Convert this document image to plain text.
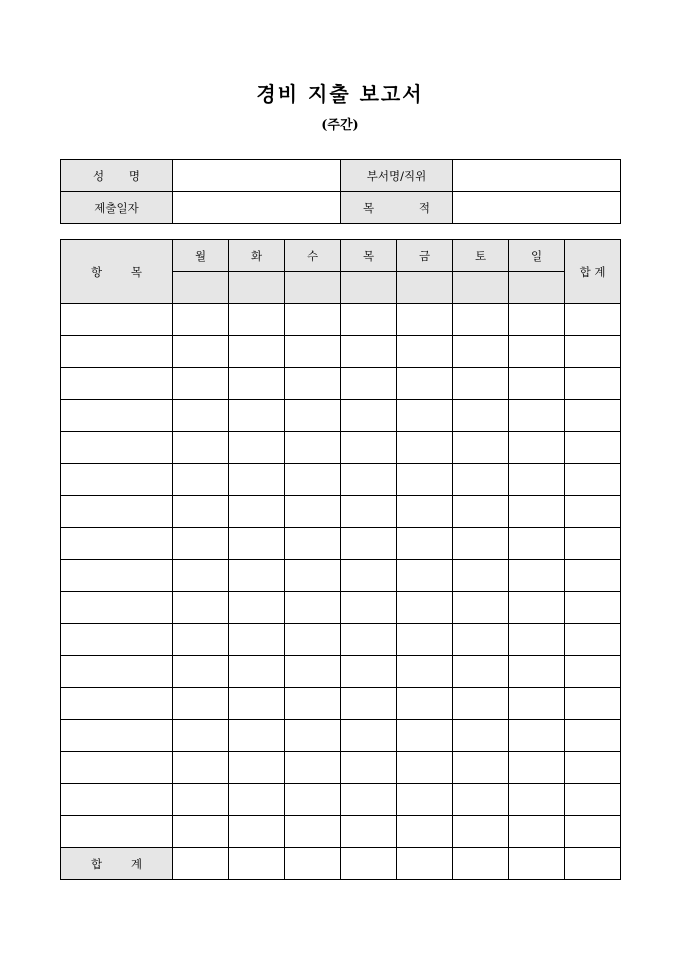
경비 지출 보고서
(주간)
성 명		부서명/직위	
제출일자		목 적	

항 목	월	화	수	목	금	토	일	합 계

합 계								
